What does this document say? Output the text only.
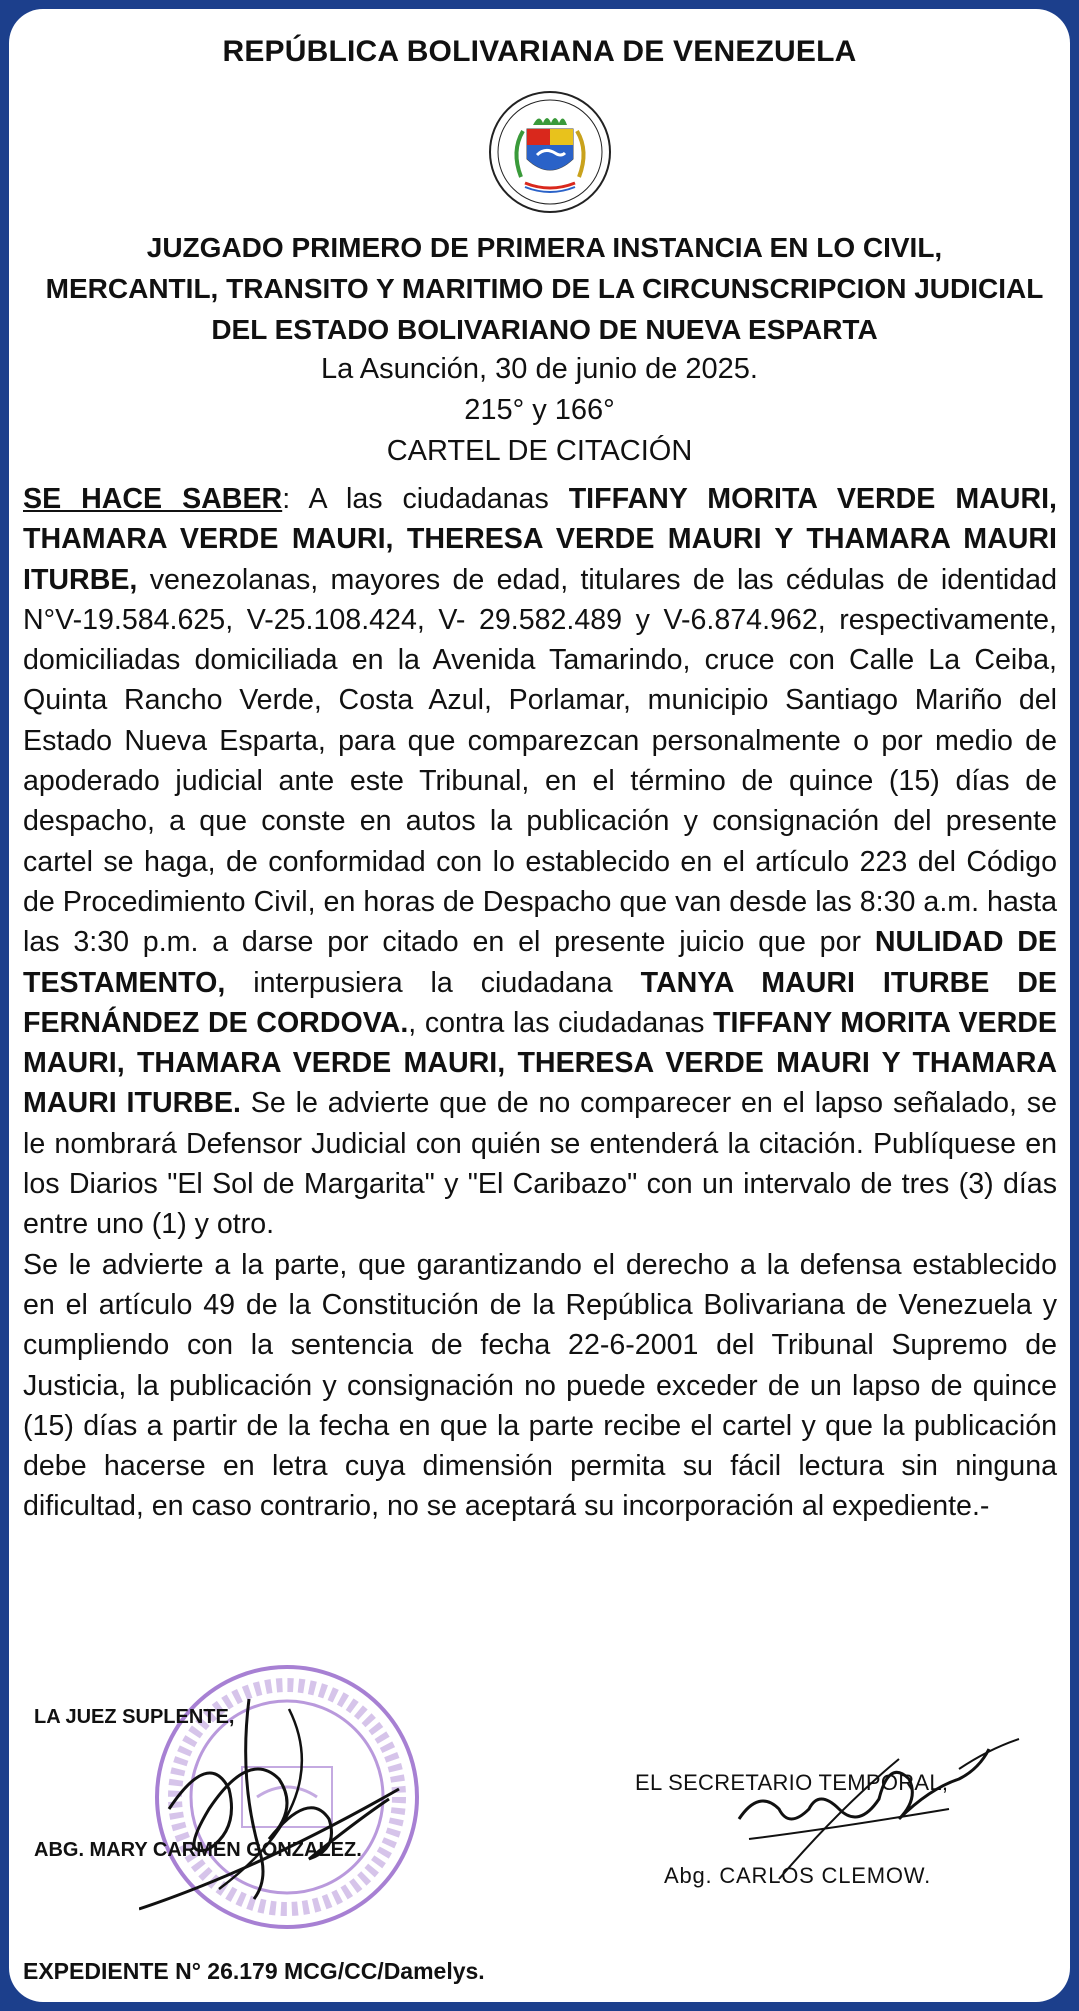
REPÚBLICA BOLIVARIANA DE VENEZUELA
JUZGADO PRIMERO DE PRIMERA INSTANCIA EN LO CIVIL,
MERCANTIL, TRANSITO Y MARITIMO DE LA CIRCUNSCRIPCION JUDICIAL
DEL ESTADO BOLIVARIANO DE NUEVA ESPARTA
La Asunción, 30 de junio de 2025.
215° y 166°
CARTEL DE CITACIÓN

SE HACE SABER: A las ciudadanas TIFFANY MORITA VERDE MAURI, THAMARA VERDE MAURI, THERESA VERDE MAURI Y THAMARA MAURI ITURBE, venezolanas, mayores de edad, titulares de las cédulas de identidad N°V-19.584.625, V-25.108.424, V- 29.582.489 y V-6.874.962, respectivamente, domiciliadas domiciliada en la Avenida Tamarindo, cruce con Calle La Ceiba, Quinta Rancho Verde, Costa Azul, Porlamar, municipio Santiago Mariño del Estado Nueva Esparta, para que comparezcan personalmente o por medio de apoderado judicial ante este Tribunal, en el término de quince (15) días de despacho, a que conste en autos la publicación y consignación del presente cartel se haga, de conformidad con lo establecido en el artículo 223 del Código de Procedimiento Civil, en horas de Despacho que van desde las 8:30 a.m. hasta las 3:30 p.m. a darse por citado en el presente juicio que por NULIDAD DE TESTAMENTO, interpusiera la ciudadana TANYA MAURI ITURBE DE FERNÁNDEZ DE CORDOVA., contra las ciudadanas TIFFANY MORITA VERDE MAURI, THAMARA VERDE MAURI, THERESA VERDE MAURI Y THAMARA MAURI ITURBE. Se le advierte que de no comparecer en el lapso señalado, se le nombrará Defensor Judicial con quién se entenderá la citación. Publíquese en los Diarios "El Sol de Margarita" y "El Caribazo" con un intervalo de tres (3) días entre uno (1) y otro.

Se le advierte a la parte, que garantizando el derecho a la defensa establecido en el artículo 49 de la Constitución de la República Bolivariana de Venezuela y cumpliendo con la sentencia de fecha 22-6-2001 del Tribunal Supremo de Justicia, la publicación y consignación no puede exceder de un lapso de quince (15) días a partir de la fecha en que la parte recibe el cartel y que la publicación debe hacerse en letra cuya dimensión permita su fácil lectura sin ninguna dificultad, en caso contrario, no se aceptará su incorporación al expediente.-

LA JUEZ SUPLENTE,
ABG. MARY CARMEN GONZALEZ.
EL SECRETARIO TEMPORAL,
Abg. CARLOS CLEMOW.
EXPEDIENTE N° 26.179 MCG/CC/Damelys.
